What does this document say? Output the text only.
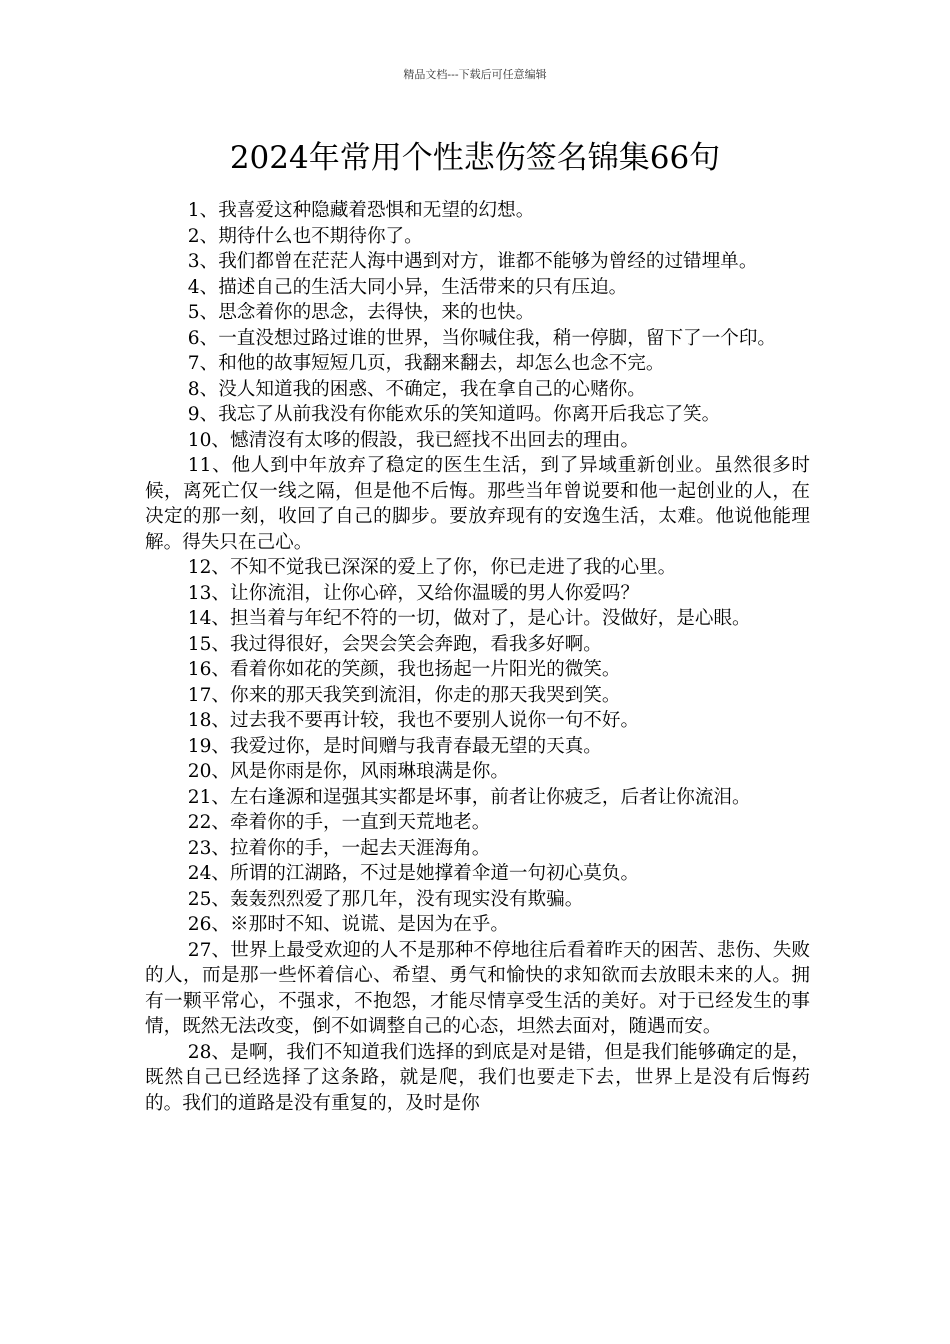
精品文档---下载后可任意编辑
2024年常用个性悲伤签名锦集66句

1、我喜爱这种隐藏着恐惧和无望的幻想。

2、期待什么也不期待你了。

3、我们都曾在茫茫人海中遇到对方，谁都不能够为曾经的过错埋单。

4、描述自己的生活大同小异，生活带来的只有压迫。

5、思念着你的思念，去得快，来的也快。

6、一直没想过路过谁的世界，当你喊住我，稍一停脚，留下了一个印。

7、和他的故事短短几页，我翻来翻去，却怎么也念不完。

8、没人知道我的困惑、不确定，我在拿自己的心赌你。

9、我忘了从前我没有你能欢乐的笑知道吗。你离开后我忘了笑。

10、憾清沒有太哆的假設，我已經找不出回去的理由。

11、他人到中年放弃了稳定的医生生活，到了异域重新创业。虽然很多时候，离死亡仅一线之隔，但是他不后悔。那些当年曾说要和他一起创业的人，在决定的那一刻，收回了自己的脚步。要放弃现有的安逸生活，太难。他说他能理解。得失只在己心。

12、不知不觉我已深深的爱上了你，你已走进了我的心里。

13、让你流泪，让你心碎，又给你温暖的男人你爱吗？

14、担当着与年纪不符的一切，做对了，是心计。没做好，是心眼。

15、我过得很好，会哭会笑会奔跑，看我多好啊。

16、看着你如花的笑颜，我也扬起一片阳光的微笑。

17、你来的那天我笑到流泪，你走的那天我哭到笑。

18、过去我不要再计较，我也不要别人说你一句不好。

19、我爱过你，是时间赠与我青春最无望的天真。

20、风是你雨是你，风雨琳琅满是你。

21、左右逢源和逞强其实都是坏事，前者让你疲乏，后者让你流泪。

22、牵着你的手，一直到天荒地老。

23、拉着你的手，一起去天涯海角。

24、所谓的江湖路，不过是她撑着伞道一句初心莫负。

25、轰轰烈烈爱了那几年，没有现实没有欺骗。

26、※那时不知、说谎、是因为在乎。

27、世界上最受欢迎的人不是那种不停地往后看着昨天的困苦、悲伤、失败的人，而是那一些怀着信心、希望、勇气和愉快的求知欲而去放眼未来的人。拥有一颗平常心，不强求，不抱怨，才能尽情享受生活的美好。对于已经发生的事情，既然无法改变，倒不如调整自己的心态，坦然去面对，随遇而安。

28、是啊，我们不知道我们选择的到底是对是错，但是我们能够确定的是，既然自己已经选择了这条路，就是爬，我们也要走下去，世界上是没有后悔药的。我们的道路是没有重复的，及时是你
